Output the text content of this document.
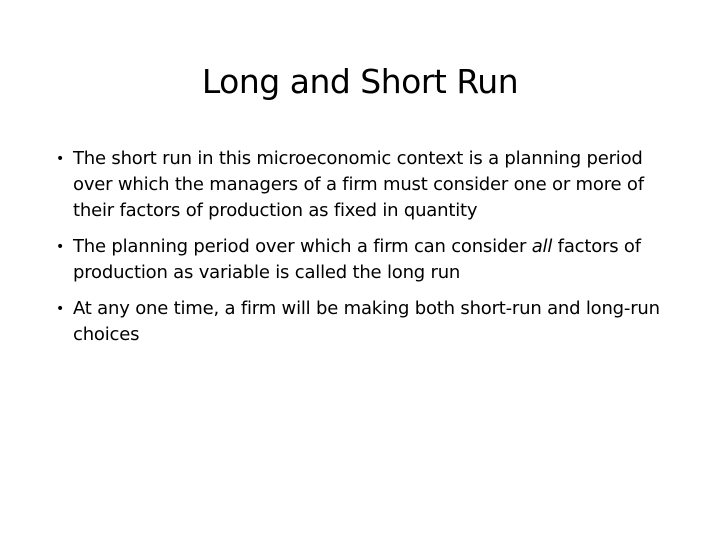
Long and Short Run
• The short run in this microeconomic context is a planning period over which the managers of a firm must consider one or more of their factors of production as fixed in quantity
• The planning period over which a firm can consider all factors of production as variable is called the long run
• At any one time, a firm will be making both short-run and long-run choices
